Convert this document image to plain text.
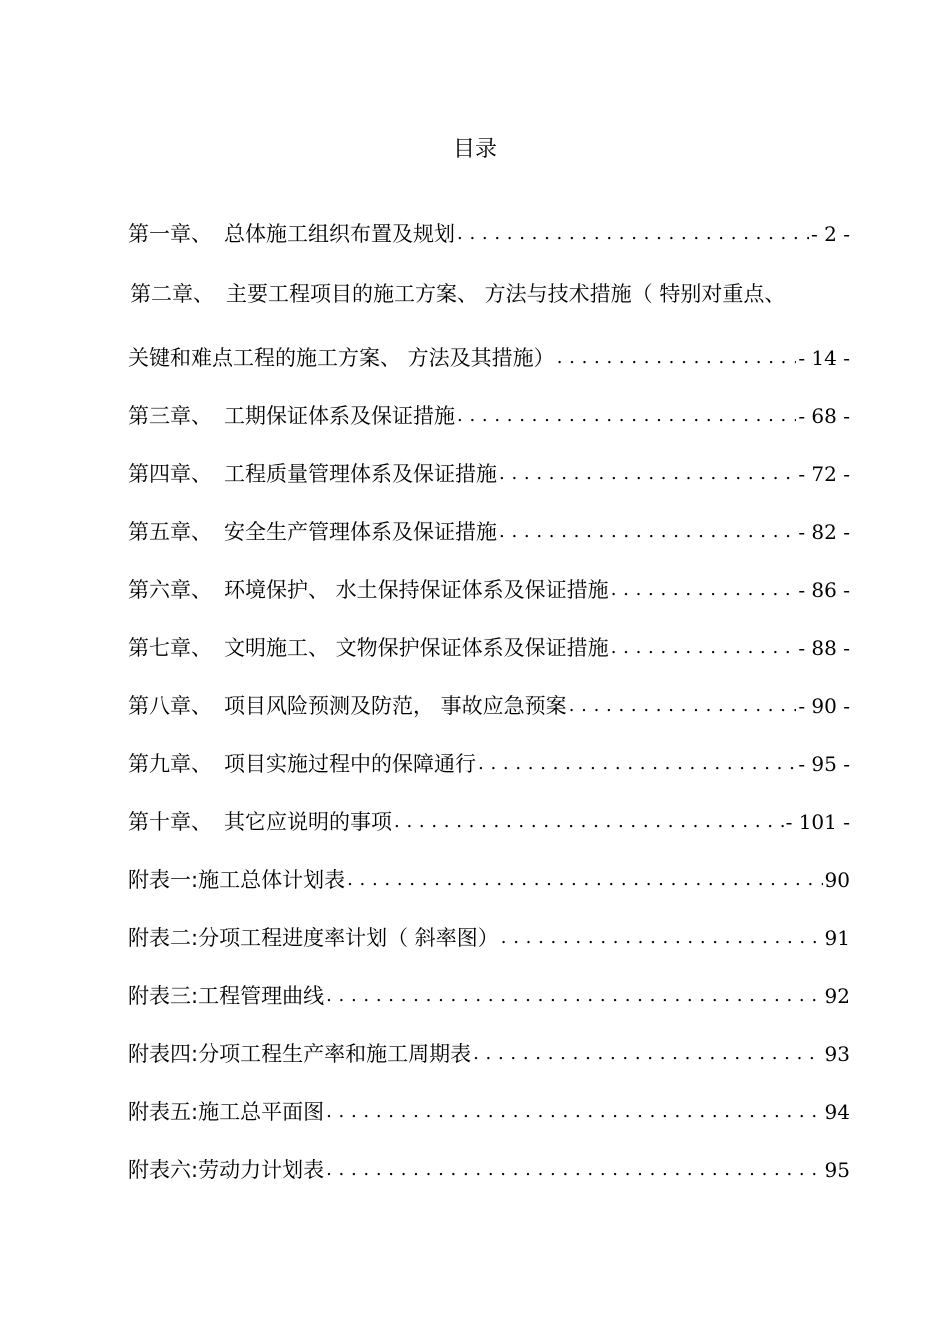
目录
第一章、 总体施工组织布置及规划 . . .	- 2 -
第二章、 主要工程项目的施工方案、 方法与技术措施（ 特别对重点、
关键和难点工程的施工方案、 方法及其措施） . . .	- 14 -
第三章、 工期保证体系及保证措施 . . .	- 68 -
第四章、 工程质量管理体系及保证措施 . . .	- 72 -
第五章、 安全生产管理体系及保证措施 . . .	- 82 -
第六章、 环境保护、 水土保持保证体系及保证措施 . . .	- 86 -
第七章、 文明施工、 文物保护保证体系及保证措施 . . .	- 88 -
第八章、 项目风险预测及防范， 事故应急预案 . . .	- 90 -
第九章、 项目实施过程中的保障通行 . . .	- 95 -
第十章、 其它应说明的事项 . . .	- 101 -
附表一:施工总体计划表 . . .	90
附表二:分项工程进度率计划（ 斜率图） . . .	91
附表三:工程管理曲线 . . .	92
附表四:分项工程生产率和施工周期表 . . .	93
附表五:施工总平面图 . . .	94
附表六:劳动力计划表 . . .	95
